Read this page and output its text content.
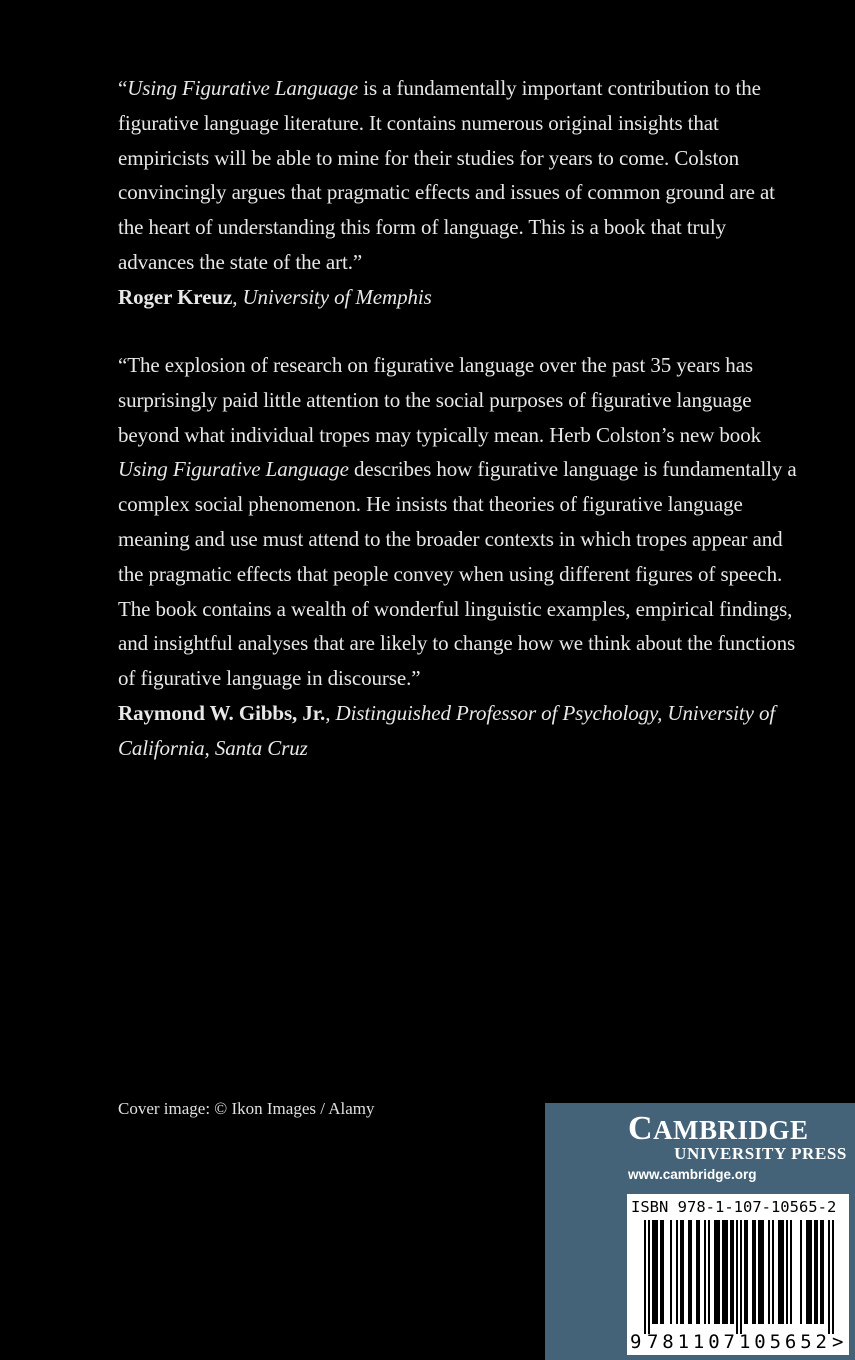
“Using Figurative Language is a fundamentally important contribution to the figurative language literature. It contains numerous original insights that empiricists will be able to mine for their studies for years to come. Colston convincingly argues that pragmatic effects and issues of common ground are at the heart of understanding this form of language. This is a book that truly advances the state of the art.”

Roger Kreuz, University of Memphis

“The explosion of research on figurative language over the past 35 years has surprisingly paid little attention to the social purposes of figurative language beyond what individual tropes may typically mean. Herb Colston’s new book Using Figurative Language describes how figurative language is fundamentally a complex social phenomenon. He insists that theories of figurative language meaning and use must attend to the broader contexts in which tropes appear and the pragmatic effects that people convey when using different figures of speech. The book contains a wealth of wonderful linguistic examples, empirical findings, and insightful analyses that are likely to change how we think about the functions of figurative language in discourse.”

Raymond W. Gibbs, Jr., Distinguished Professor of Psychology, University of California, Santa Cruz
Cover image: © Ikon Images / Alamy
CAMBRIDGE
UNIVERSITY PRESS
www.cambridge.org
ISBN 978-1-107-10565-2
9 781107 105652 >
